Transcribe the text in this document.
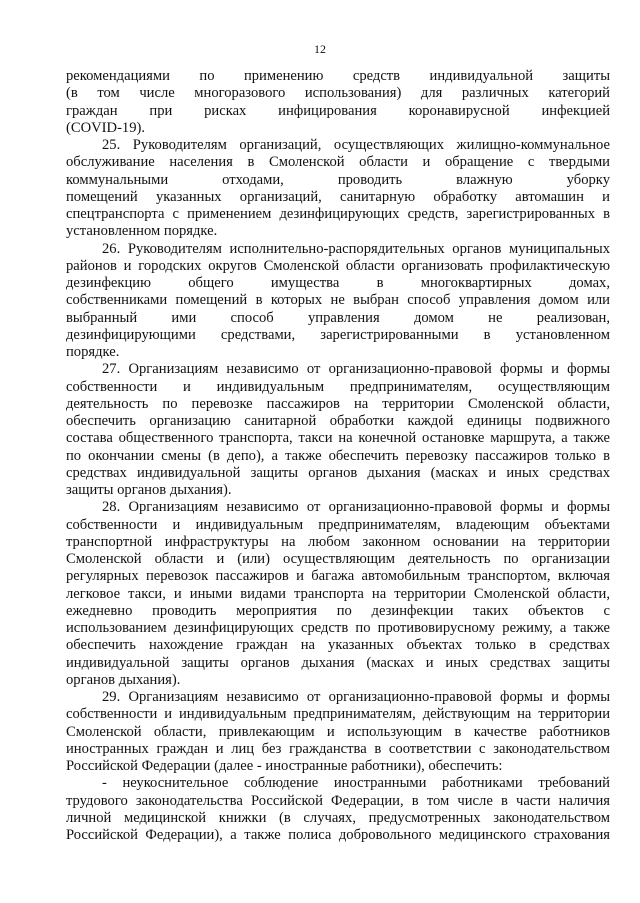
12
рекомендациями по применению средств индивидуальной защиты
(в том числе многоразового использования) для различных категорий
граждан при рисках инфицирования коронавирусной инфекцией
(COVID-19).
25. Руководителям организаций, осуществляющих жилищно-коммунальное
обслуживание населения в Смоленской области и обращение с твердыми
коммунальными отходами, проводить влажную уборку
помещений указанных организаций, санитарную обработку автомашин и
спецтранспорта с применением дезинфицирующих средств, зарегистрированных в
установленном порядке.
26. Руководителям исполнительно-распорядительных органов муниципальных
районов и городских округов Смоленской области организовать профилактическую
дезинфекцию общего имущества в многоквартирных домах,
собственниками помещений в которых не выбран способ управления домом или
выбранный ими способ управления домом не реализован,
дезинфицирующими средствами, зарегистрированными в установленном
порядке.
27. Организациям независимо от организационно-правовой формы и формы
собственности и индивидуальным предпринимателям, осуществляющим
деятельность по перевозке пассажиров на территории Смоленской области,
обеспечить организацию санитарной обработки каждой единицы подвижного
состава общественного транспорта, такси на конечной остановке маршрута, а также
по окончании смены (в депо), а также обеспечить перевозку пассажиров только в
средствах индивидуальной защиты органов дыхания (масках и иных средствах
защиты органов дыхания).
28. Организациям независимо от организационно-правовой формы и формы
собственности и индивидуальным предпринимателям, владеющим объектами
транспортной инфраструктуры на любом законном основании на территории
Смоленской области и (или) осуществляющим деятельность по организации
регулярных перевозок пассажиров и багажа автомобильным транспортом, включая
легковое такси, и иными видами транспорта на территории Смоленской области,
ежедневно проводить мероприятия по дезинфекции таких объектов с
использованием дезинфицирующих средств по противовирусному режиму, а также
обеспечить нахождение граждан на указанных объектах только в средствах
индивидуальной защиты органов дыхания (масках и иных средствах защиты
органов дыхания).
29. Организациям независимо от организационно-правовой формы и формы
собственности и индивидуальным предпринимателям, действующим на территории
Смоленской области, привлекающим и использующим в качестве работников
иностранных граждан и лиц без гражданства в соответствии с законодательством
Российской Федерации (далее - иностранные работники), обеспечить:
- неукоснительное соблюдение иностранными работниками требований
трудового законодательства Российской Федерации, в том числе в части наличия
личной медицинской книжки (в случаях, предусмотренных законодательством
Российской Федерации), а также полиса добровольного медицинского страхования
